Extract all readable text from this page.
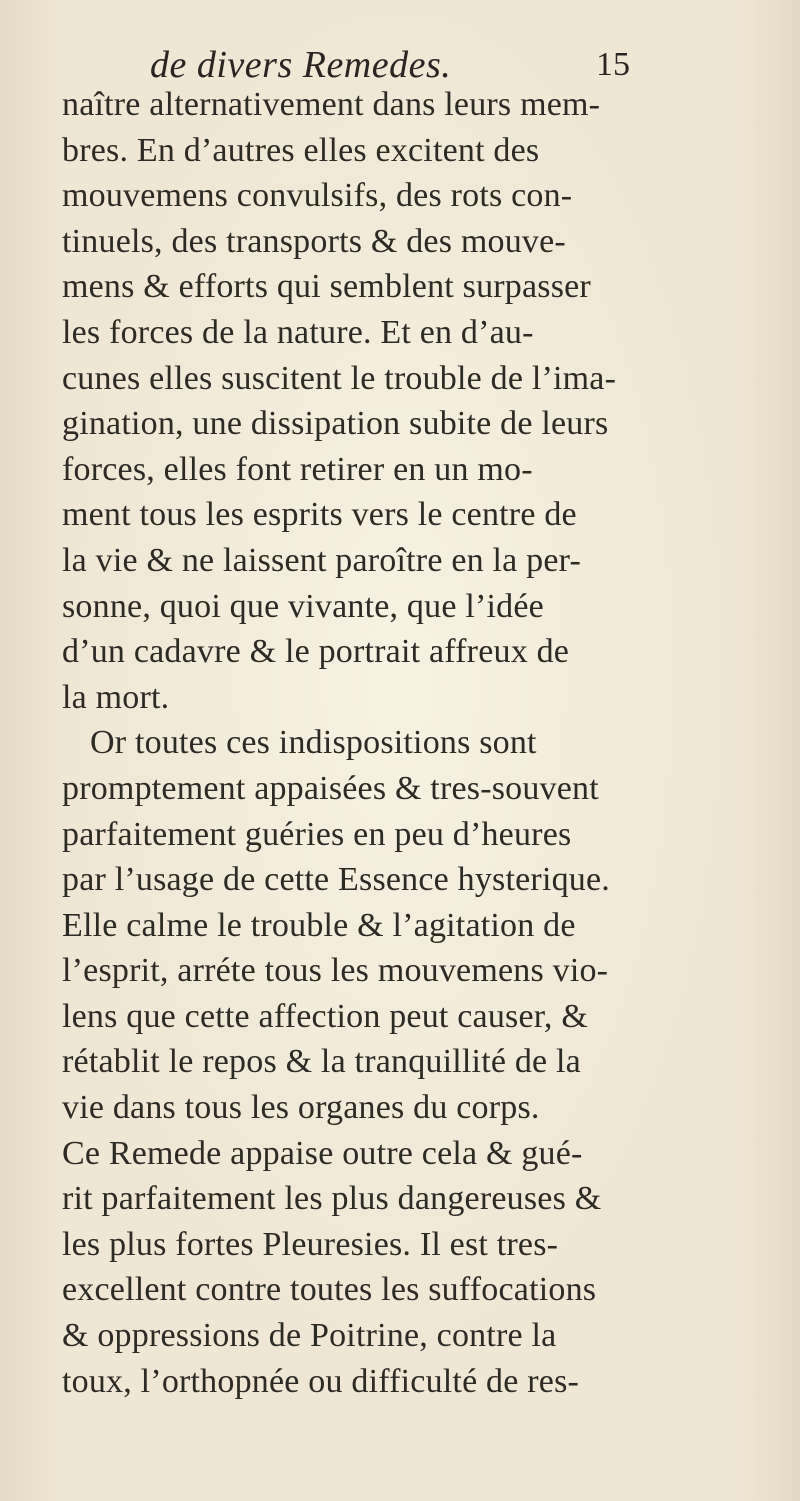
de divers Remedes.	15
naître alternativement dans leurs mem-
bres. En d’autres elles excitent des
mouvemens convulsifs, des rots con-
tinuels, des transports & des mouve-
mens & efforts qui semblent surpasser
les forces de la nature. Et en d’au-
cunes elles suscitent le trouble de l’ima-
gination, une dissipation subite de leurs
forces, elles font retirer en un mo-
ment tous les esprits vers le centre de
la vie & ne laissent paroître en la per-
sonne, quoi que vivante, que l’idée
d’un cadavre & le portrait affreux de
la mort.
Or toutes ces indispositions sont
promptement appaisées & tres-souvent
parfaitement guéries en peu d’heures
par l’usage de cette Essence hysterique.
Elle calme le trouble & l’agitation de
l’esprit, arréte tous les mouvemens vio-
lens que cette affection peut causer, &
rétablit le repos & la tranquillité de la
vie dans tous les organes du corps.
Ce Remede appaise outre cela & gué-
rit parfaitement les plus dangereuses &
les plus fortes Pleuresies. Il est tres-
excellent contre toutes les suffocations
& oppressions de Poitrine, contre la
toux, l’orthopnée ou difficulté de res-
